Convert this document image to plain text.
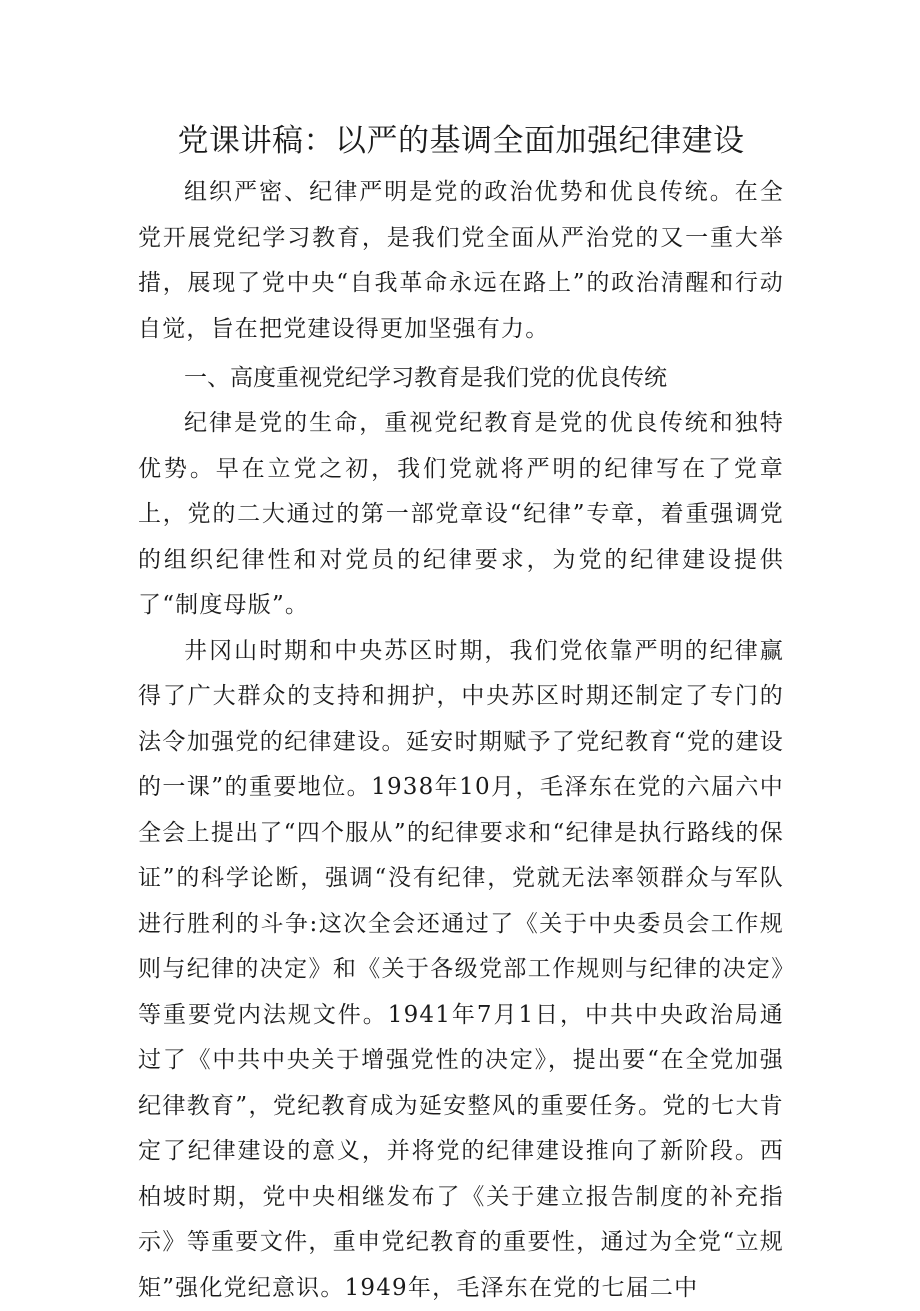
党课讲稿：以严的基调全面加强纪律建设

组织严密、纪律严明是党的政治优势和优良传统。在全党开展党纪学习教育，是我们党全面从严治党的又一重大举措，展现了党中央“自我革命永远在路上”的政治清醒和行动自觉，旨在把党建设得更加坚强有力。

一、高度重视党纪学习教育是我们党的优良传统

纪律是党的生命，重视党纪教育是党的优良传统和独特优势。早在立党之初，我们党就将严明的纪律写在了党章上，党的二大通过的第一部党章设“纪律”专章，着重强调党的组织纪律性和对党员的纪律要求，为党的纪律建设提供了“制度母版”。

井冈山时期和中央苏区时期，我们党依靠严明的纪律赢得了广大群众的支持和拥护，中央苏区时期还制定了专门的法令加强党的纪律建设。延安时期赋予了党纪教育“党的建设的一课”的重要地位。1938年10月，毛泽东在党的六届六中全会上提出了“四个服从”的纪律要求和“纪律是执行路线的保证”的科学论断，强调“没有纪律，党就无法率领群众与军队进行胜利的斗争:这次全会还通过了《关于中央委员会工作规则与纪律的决定》和《关于各级党部工作规则与纪律的决定》等重要党内法规文件。1941年7月1日，中共中央政治局通过了《中共中央关于增强党性的决定》，提出要“在全党加强纪律教育”，党纪教育成为延安整风的重要任务。党的七大肯定了纪律建设的意义，并将党的纪律建设推向了新阶段。西柏坡时期，党中央相继发布了《关于建立报告制度的补充指示》等重要文件，重申党纪教育的重要性，通过为全党“立规矩”强化党纪意识。1949年，毛泽东在党的七届二中
